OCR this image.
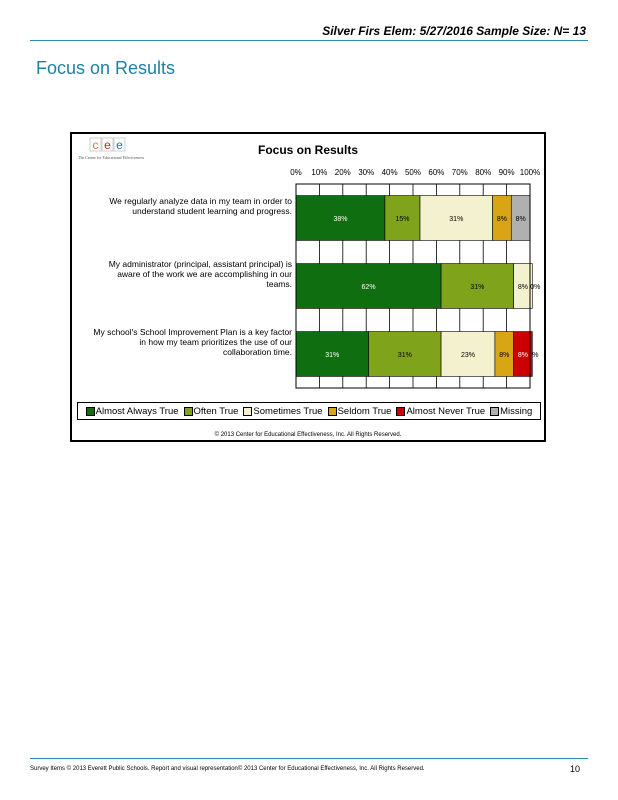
Silver Firs Elem: 5/27/2016 Sample Size: N= 13
Focus on Results
c e e
The Center for Educational Effectiveness
Focus on Results
0% 10% 20% 30% 40% 50% 60% 70% 80% 90% 100%
38%	15%	31%	8% 8%
We regularly analyze data in my team in order to
understand student learning and progress.
62%	31%	8% 0%
My administrator (principal, assistant principal) is
aware of the work we are accomplishing in our
teams.
31%	31%	23%	8% 8% %
My school's School Improvement Plan is a key factor
in how my team prioritizes the use of our
collaboration time.
Almost Always True Often True Sometimes True Seldom True Almost Never True Missing
© 2013 Center for Educational Effectiveness, Inc. All Rights Reserved.
Survey Items © 2013 Everett Public Schools. Report and visual representation© 2013 Center for Educational Effectiveness, Inc. All Rights Reserved.	10
